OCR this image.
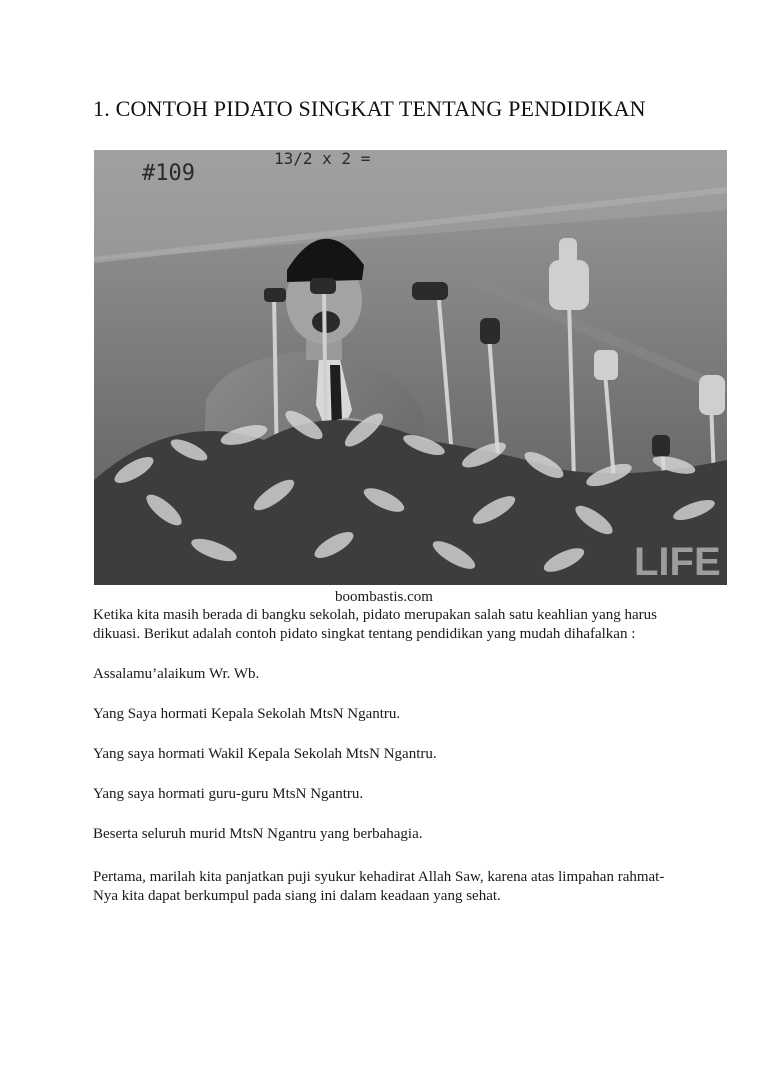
1. CONTOH PIDATO SINGKAT TENTANG PENDIDIKAN
#109
13/2 x 2 =
LIFE
boombastis.com

Ketika kita masih berada di bangku sekolah, pidato merupakan salah satu keahlian yang harus dikuasi. Berikut adalah contoh pidato singkat tentang pendidikan yang mudah dihafalkan :

Assalamu’alaikum Wr. Wb.

Yang Saya hormati Kepala Sekolah MtsN Ngantru.

Yang saya hormati Wakil Kepala Sekolah MtsN Ngantru.

Yang saya hormati guru-guru MtsN Ngantru.

Beserta seluruh murid MtsN Ngantru yang berbahagia.

Pertama, marilah kita panjatkan puji syukur kehadirat Allah Saw, karena atas limpahan rahmat-Nya kita dapat berkumpul pada siang ini dalam keadaan yang sehat.
